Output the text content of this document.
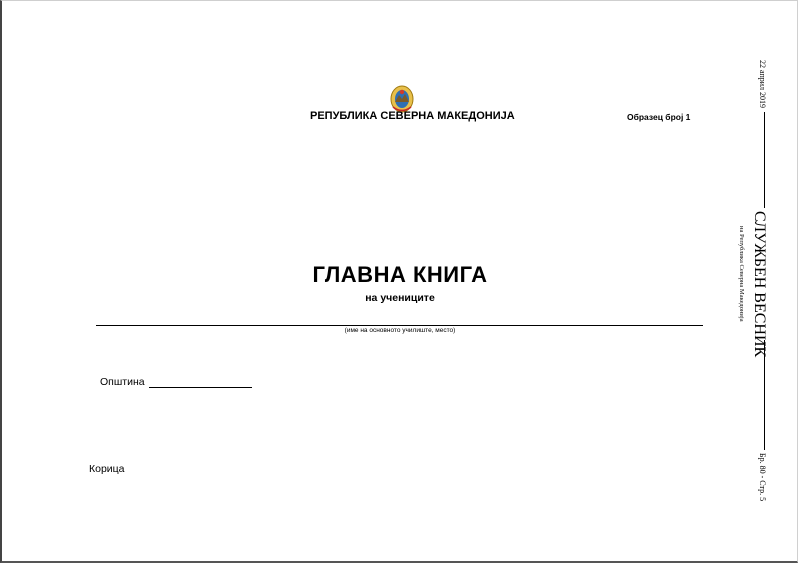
РЕПУБЛИКА СЕВЕРНА МАКЕДОНИЈА	Образец број 1
ГЛАВНА КНИГА
на учениците
(име на основното училиште, место)
Општина
Корица
22 април 2019
СЛУЖБЕН ВЕСНИК
на Република Северна Македонија
Бр. 80 - Стр. 5
